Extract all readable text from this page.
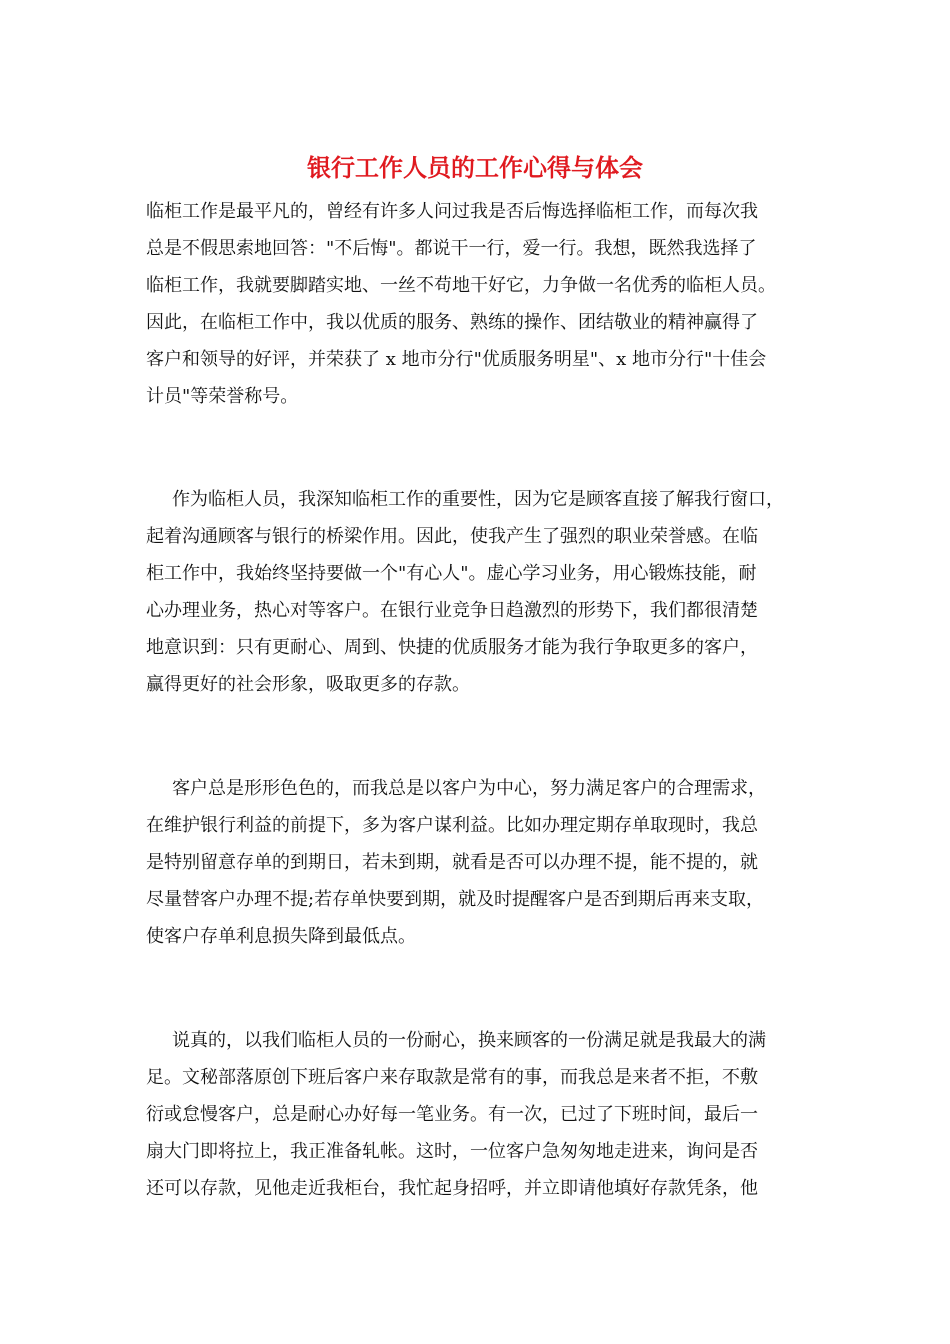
银行工作人员的工作心得与体会

临柜工作是最平凡的，曾经有许多人问过我是否后悔选择临柜工作，而每次我

总是不假思索地回答："不后悔"。都说干一行，爱一行。我想，既然我选择了

临柜工作，我就要脚踏实地、一丝不苟地干好它，力争做一名优秀的临柜人员。

因此，在临柜工作中，我以优质的服务、熟练的操作、团结敬业的精神赢得了

客户和领导的好评，并荣获了 x 地市分行"优质服务明星"、x 地市分行"十佳会

计员"等荣誉称号。

作为临柜人员，我深知临柜工作的重要性，因为它是顾客直接了解我行窗口，

起着沟通顾客与银行的桥梁作用。因此，使我产生了强烈的职业荣誉感。在临

柜工作中，我始终坚持要做一个"有心人"。虚心学习业务，用心锻炼技能，耐

心办理业务，热心对等客户。在银行业竞争日趋激烈的形势下，我们都很清楚

地意识到：只有更耐心、周到、快捷的优质服务才能为我行争取更多的客户，

赢得更好的社会形象，吸取更多的存款。

客户总是形形色色的，而我总是以客户为中心，努力满足客户的合理需求，

在维护银行利益的前提下，多为客户谋利益。比如办理定期存单取现时，我总

是特别留意存单的到期日，若未到期，就看是否可以办理不提，能不提的，就

尽量替客户办理不提;若存单快要到期，就及时提醒客户是否到期后再来支取，

使客户存单利息损失降到最低点。

说真的，以我们临柜人员的一份耐心，换来顾客的一份满足就是我最大的满

足。文秘部落原创下班后客户来存取款是常有的事，而我总是来者不拒，不敷

衍或怠慢客户，总是耐心办好每一笔业务。有一次，已过了下班时间，最后一

扇大门即将拉上，我正准备轧帐。这时，一位客户急匆匆地走进来，询问是否

还可以存款，见他走近我柜台，我忙起身招呼，并立即请他填好存款凭条，他
